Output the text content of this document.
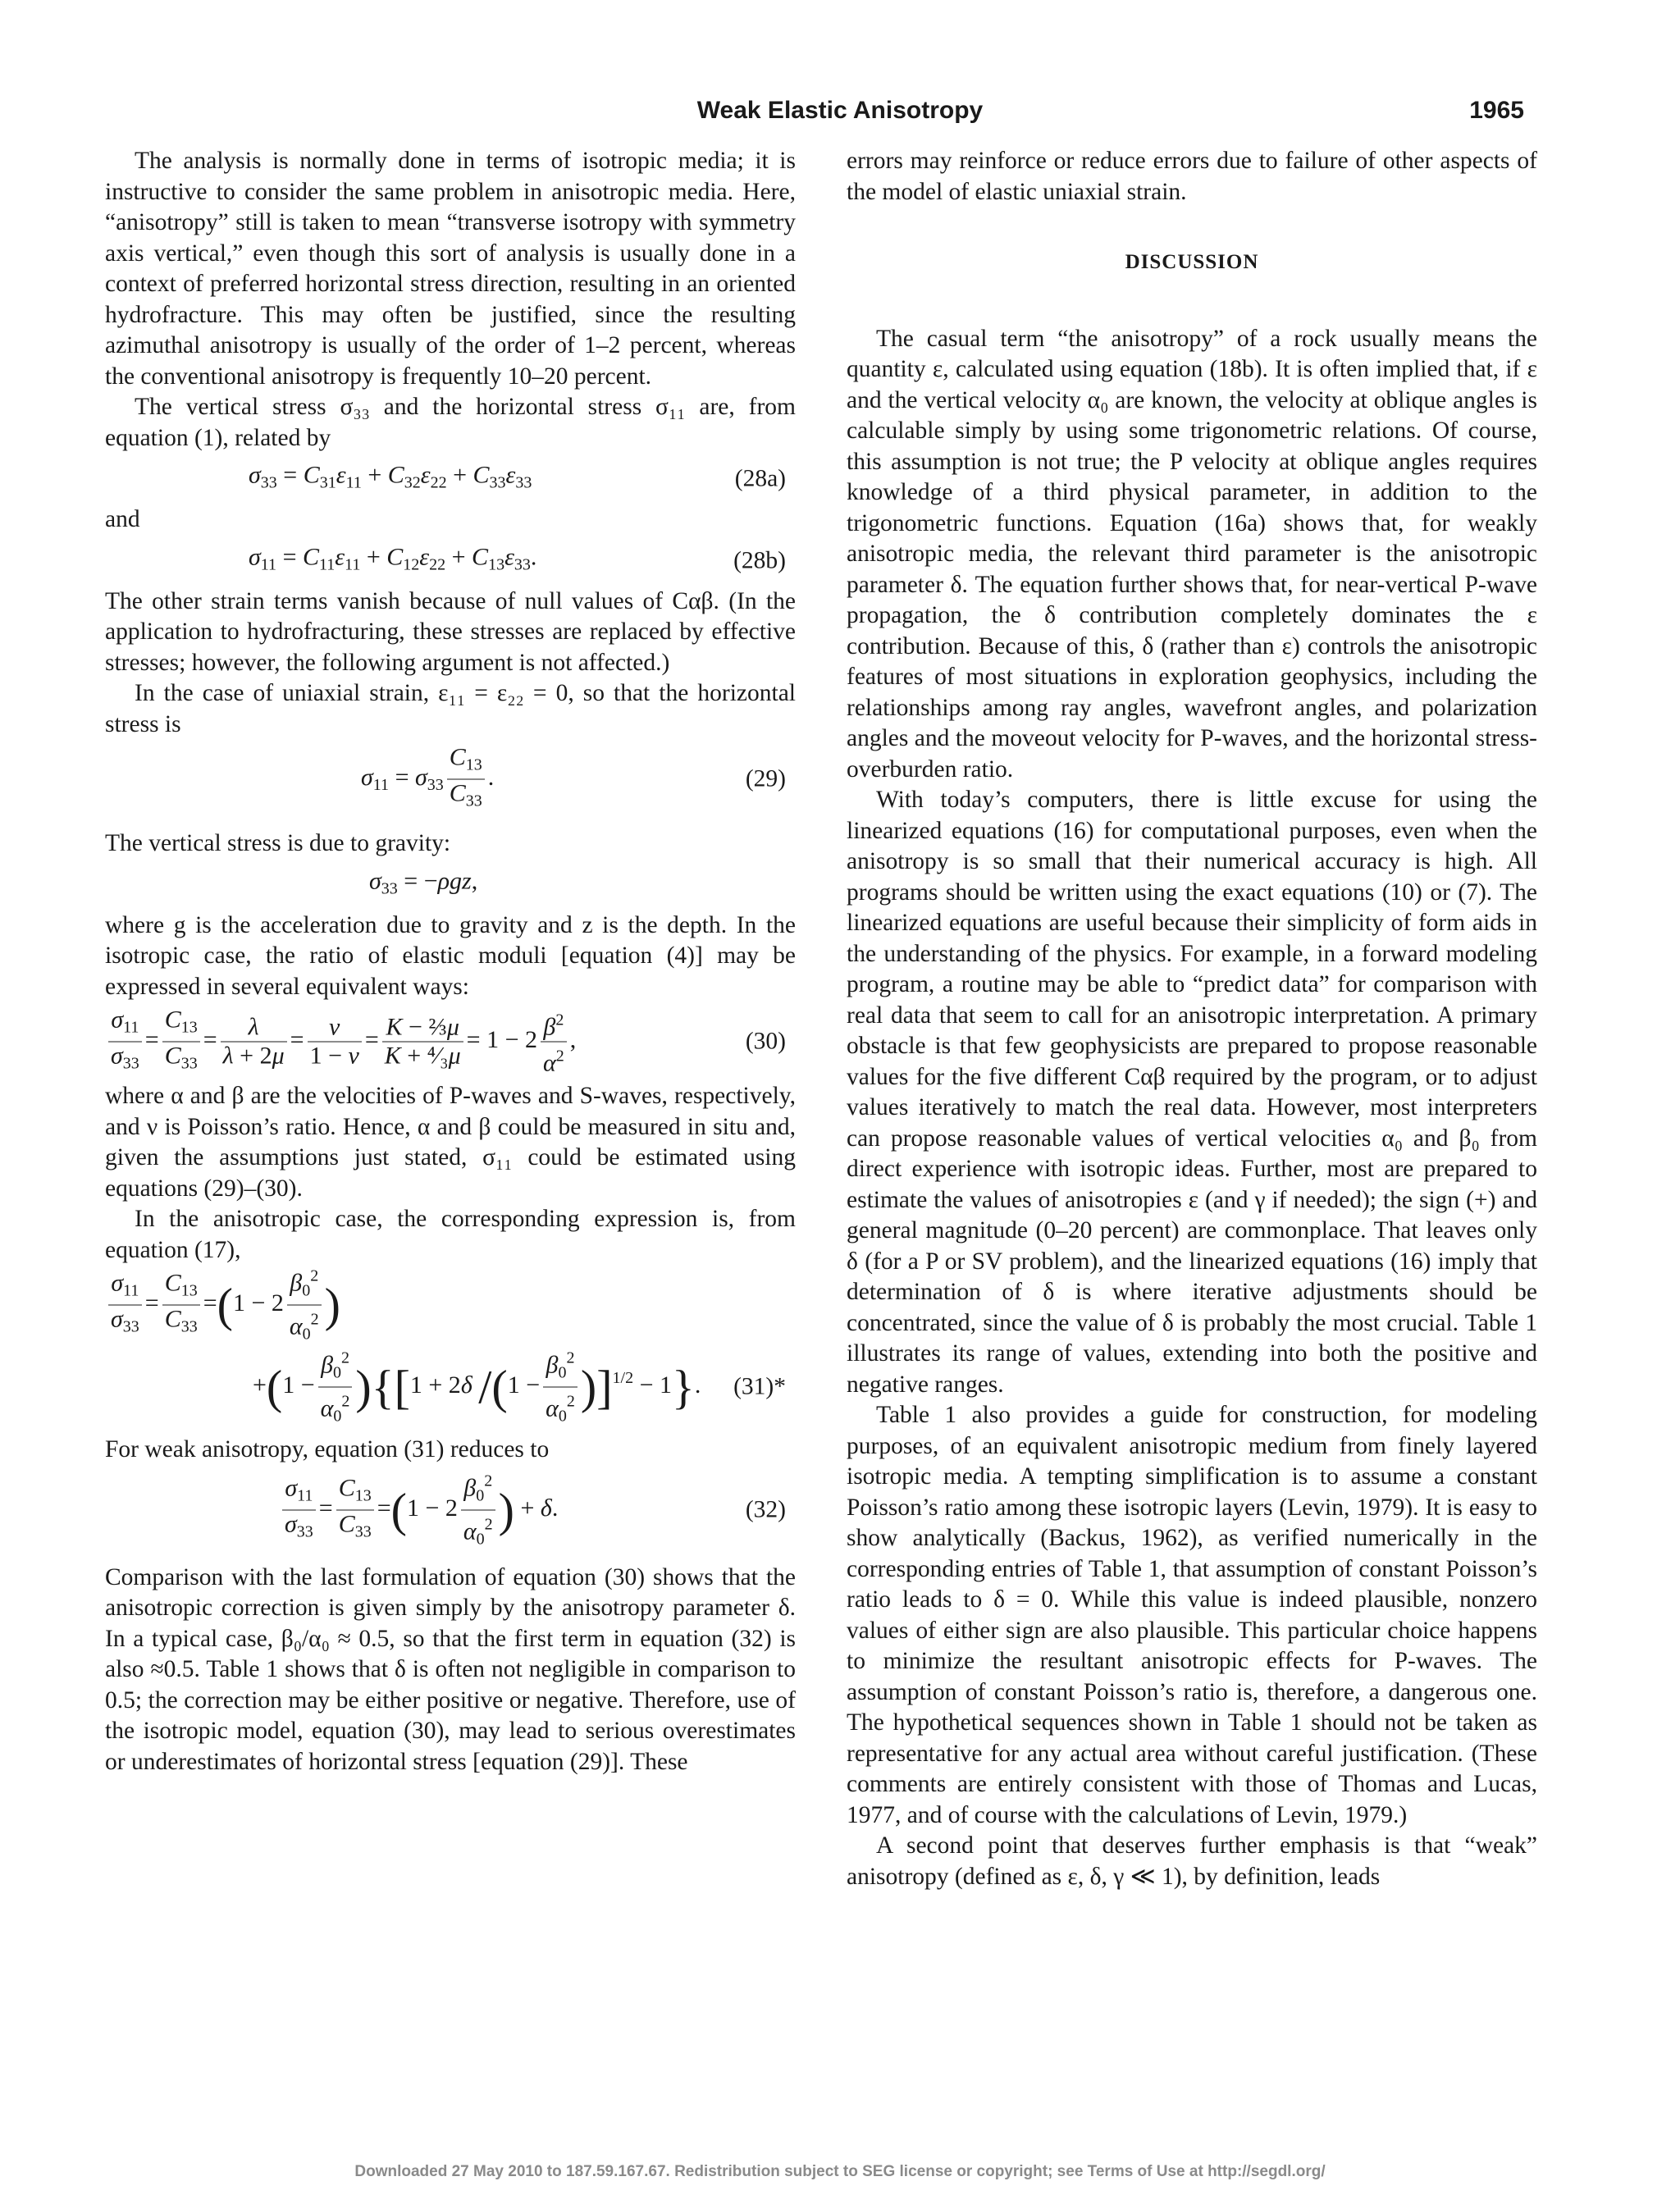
Weak Elastic Anisotropy	1965

The analysis is normally done in terms of isotropic media; it is instructive to consider the same problem in anisotropic media. Here, “anisotropy” still is taken to mean “transverse isotropy with symmetry axis vertical,” even though this sort of analysis is usually done in a context of preferred horizontal stress direction, resulting in an oriented hydrofracture. This may often be justified, since the resulting azimuthal anisotropy is usually of the order of 1–2 percent, whereas the conventional anisotropy is frequently 10–20 percent.

The vertical stress σ₃₃ and the horizontal stress σ₁₁ are, from equation (1), related by

$\sigma_{33} = C_{31}\varepsilon_{11} + C_{32}\varepsilon_{22} + C_{33}\varepsilon_{33}$	(28a)

and

$\sigma_{11} = C_{11}\varepsilon_{11} + C_{12}\varepsilon_{22} + C_{13}\varepsilon_{33}$.	(28b)

The other strain terms vanish because of null values of Cαβ. (In the application to hydrofracturing, these stresses are replaced by effective stresses; however, the following argument is not affected.)

In the case of uniaxial strain, ε₁₁ = ε₂₂ = 0, so that the horizontal stress is

$\sigma_{11} = \sigma_{33} \frac{C_{13}}{C_{33}}$ .	(29)

The vertical stress is due to gravity:

$\sigma_{33} = -\rho gz$,

where g is the acceleration due to gravity and z is the depth. In the isotropic case, the ratio of elastic moduli [equation (4)] may be expressed in several equivalent ways:

$\frac{\sigma_{11}}{\sigma_{33}} = \frac{C_{13}}{C_{33}} = \frac{\lambda}{\lambda + 2\mu} = \frac{\nu}{1 - \nu} = \frac{\text{K − ⅔μ}}{\text{K + ⁴⁄₃μ}} = 1 - 2 \frac{\beta^2}{\alpha^2}$ ,	(30)

where α and β are the velocities of P-waves and S-waves, respectively, and ν is Poisson’s ratio. Hence, α and β could be measured in situ and, given the assumptions just stated, σ₁₁ could be estimated using equations (29)–(30).

In the anisotropic case, the corresponding expression is, from equation (17),

$\frac{\sigma_{11}}{\sigma_{33}} = \frac{C_{13}}{C_{33}} =(1 - 2 \frac{\beta_0^2}{\alpha_0^2}$ )
$+(1 - \frac{\beta_0^2}{\alpha_0^2} )\{[1 + 2\delta$ $/(1 - \frac{\beta_0^2}{\alpha_0^2} )]^{1/2} - 1$}. (31)*

For weak anisotropy, equation (31) reduces to

$\frac{\sigma_{11}}{\sigma_{33}} = \frac{C_{13}}{C_{33}} =(1 - 2 \frac{\beta_0^2}{\alpha_0^2}$ ) + δ.	(32)

Comparison with the last formulation of equation (30) shows that the anisotropic correction is given simply by the anisotropy parameter δ. In a typical case, β₀/α₀ ≈ 0.5, so that the first term in equation (32) is also ≈0.5. Table 1 shows that δ is often not negligible in comparison to 0.5; the correction may be either positive or negative. Therefore, use of the isotropic model, equation (30), may lead to serious overestimates or underestimates of horizontal stress [equation (29)]. These

errors may reinforce or reduce errors due to failure of other aspects of the model of elastic uniaxial strain.

DISCUSSION

The casual term “the anisotropy” of a rock usually means the quantity ε, calculated using equation (18b). It is often implied that, if ε and the vertical velocity α₀ are known, the velocity at oblique angles is calculable simply by using some trigonometric relations. Of course, this assumption is not true; the P velocity at oblique angles requires knowledge of a third physical parameter, in addition to the trigonometric functions. Equation (16a) shows that, for weakly anisotropic media, the relevant third parameter is the anisotropic parameter δ. The equation further shows that, for near-vertical P-wave propagation, the δ contribution completely dominates the ε contribution. Because of this, δ (rather than ε) controls the anisotropic features of most situations in exploration geophysics, including the relationships among ray angles, wavefront angles, and polarization angles and the moveout velocity for P-waves, and the horizontal stress-overburden ratio.

With today’s computers, there is little excuse for using the linearized equations (16) for computational purposes, even when the anisotropy is so small that their numerical accuracy is high. All programs should be written using the exact equations (10) or (7). The linearized equations are useful because their simplicity of form aids in the understanding of the physics. For example, in a forward modeling program, a routine may be able to “predict data” for comparison with real data that seem to call for an anisotropic interpretation. A primary obstacle is that few geophysicists are prepared to propose reasonable values for the five different Cαβ required by the program, or to adjust values iteratively to match the real data. However, most interpreters can propose reasonable values of vertical velocities α₀ and β₀ from direct experience with isotropic ideas. Further, most are prepared to estimate the values of anisotropies ε (and γ if needed); the sign (+) and general magnitude (0–20 percent) are commonplace. That leaves only δ (for a P or SV problem), and the linearized equations (16) imply that determination of δ is where iterative adjustments should be concentrated, since the value of δ is probably the most crucial. Table 1 illustrates its range of values, extending into both the positive and negative ranges.

Table 1 also provides a guide for construction, for modeling purposes, of an equivalent anisotropic medium from finely layered isotropic media. A tempting simplification is to assume a constant Poisson’s ratio among these isotropic layers (Levin, 1979). It is easy to show analytically (Backus, 1962), as verified numerically in the corresponding entries of Table 1, that assumption of constant Poisson’s ratio leads to δ = 0. While this value is indeed plausible, nonzero values of either sign are also plausible. This particular choice happens to minimize the resultant anisotropic effects for P-waves. The assumption of constant Poisson’s ratio is, therefore, a dangerous one. The hypothetical sequences shown in Table 1 should not be taken as representative for any actual area without careful justification. (These comments are entirely consistent with those of Thomas and Lucas, 1977, and of course with the calculations of Levin, 1979.)

A second point that deserves further emphasis is that “weak” anisotropy (defined as ε, δ, γ ≪ 1), by definition, leads

Downloaded 27 May 2010 to 187.59.167.67. Redistribution subject to SEG license or copyright; see Terms of Use at http://segdl.org/
